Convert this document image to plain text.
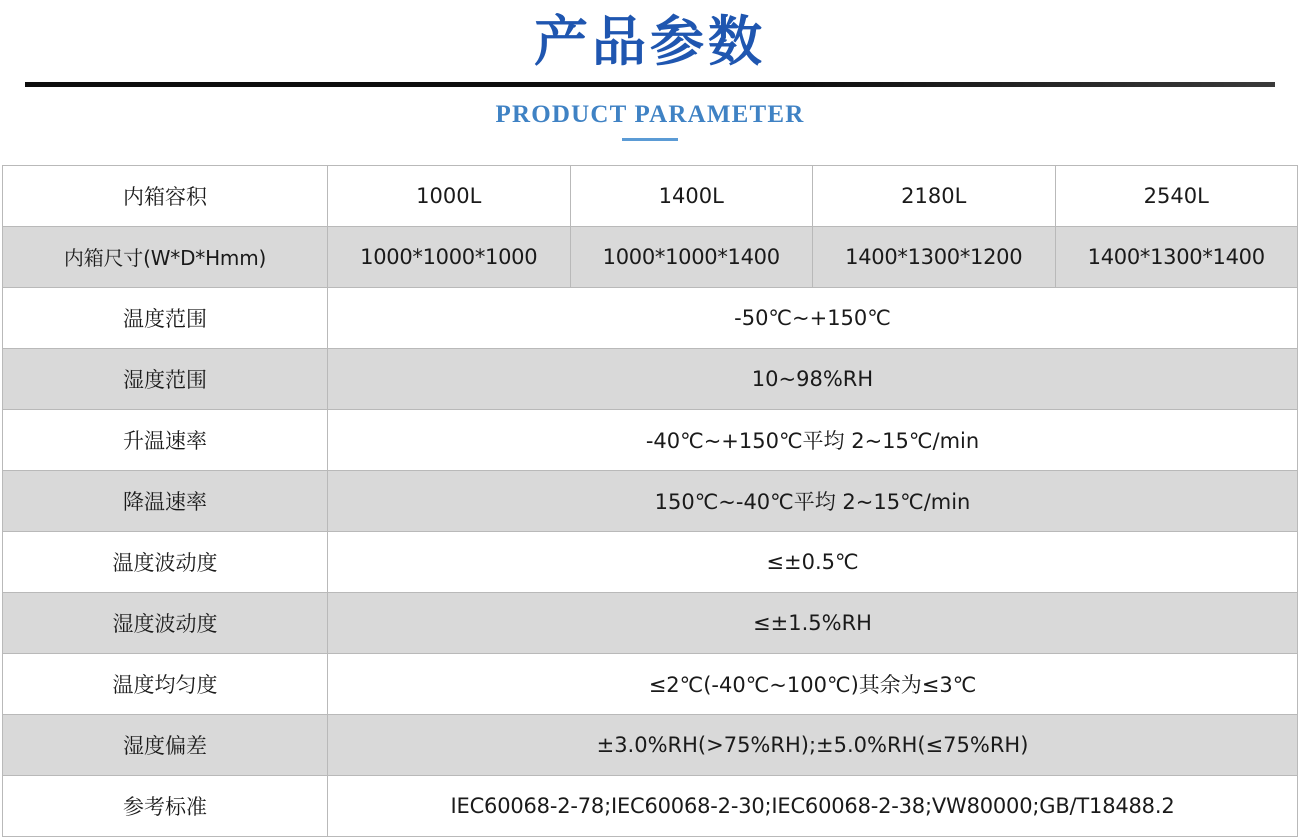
产品参数
PRODUCT PARAMETER
内箱容积	1000L	1400L	2180L	2540L
内箱尺寸(W*D*Hmm)	1000*1000*1000	1000*1000*1400	1400*1300*1200	1400*1300*1400
温度范围	-50℃~+150℃			
湿度范围	10~98%RH			
升温速率	-40℃~+150℃平均 2~15℃/min			
降温速率	150℃~-40℃平均 2~15℃/min			
温度波动度	≤±0.5℃			
湿度波动度	≤±1.5%RH			
温度均匀度	≤2℃(-40℃~100℃)其余为≤3℃			
湿度偏差	±3.0%RH(>75%RH);±5.0%RH(≤75%RH)			
参考标准	IEC60068-2-78;IEC60068-2-30;IEC60068-2-38;VW80000;GB/T18488.2			
